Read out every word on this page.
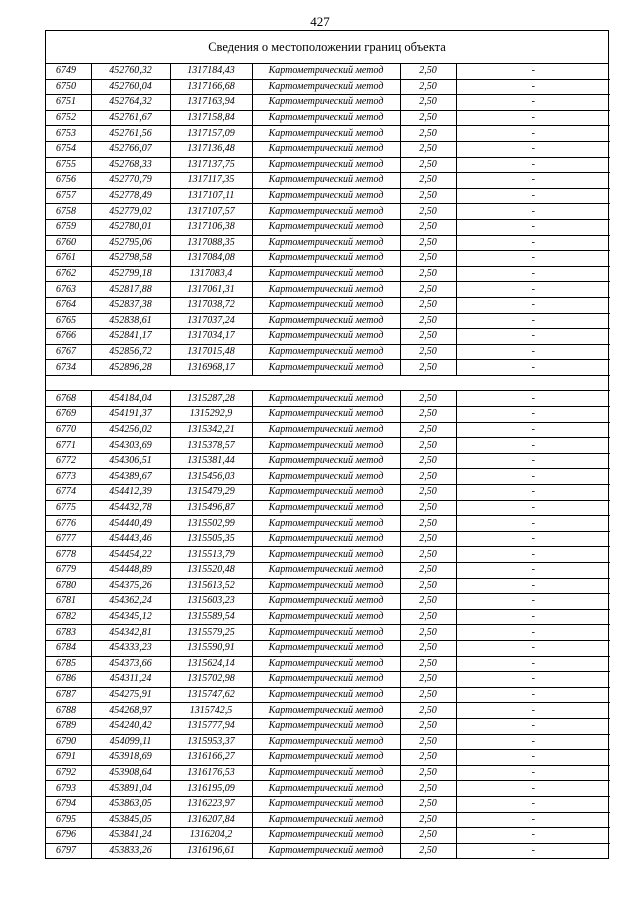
427
Сведения о местоположении границ объекта
6749	452760,32	1317184,43	Картометрический метод	2,50	-
6750	452760,04	1317166,68	Картометрический метод	2,50	-
6751	452764,32	1317163,94	Картометрический метод	2,50	-
6752	452761,67	1317158,84	Картометрический метод	2,50	-
6753	452761,56	1317157,09	Картометрический метод	2,50	-
6754	452766,07	1317136,48	Картометрический метод	2,50	-
6755	452768,33	1317137,75	Картометрический метод	2,50	-
6756	452770,79	1317117,35	Картометрический метод	2,50	-
6757	452778,49	1317107,11	Картометрический метод	2,50	-
6758	452779,02	1317107,57	Картометрический метод	2,50	-
6759	452780,01	1317106,38	Картометрический метод	2,50	-
6760	452795,06	1317088,35	Картометрический метод	2,50	-
6761	452798,58	1317084,08	Картометрический метод	2,50	-
6762	452799,18	1317083,4	Картометрический метод	2,50	-
6763	452817,88	1317061,31	Картометрический метод	2,50	-
6764	452837,38	1317038,72	Картометрический метод	2,50	-
6765	452838,61	1317037,24	Картометрический метод	2,50	-
6766	452841,17	1317034,17	Картометрический метод	2,50	-
6767	452856,72	1317015,48	Картометрический метод	2,50	-
6734	452896,28	1316968,17	Картометрический метод	2,50	-

6768	454184,04	1315287,28	Картометрический метод	2,50	-
6769	454191,37	1315292,9	Картометрический метод	2,50	-
6770	454256,02	1315342,21	Картометрический метод	2,50	-
6771	454303,69	1315378,57	Картометрический метод	2,50	-
6772	454306,51	1315381,44	Картометрический метод	2,50	-
6773	454389,67	1315456,03	Картометрический метод	2,50	-
6774	454412,39	1315479,29	Картометрический метод	2,50	-
6775	454432,78	1315496,87	Картометрический метод	2,50	-
6776	454440,49	1315502,99	Картометрический метод	2,50	-
6777	454443,46	1315505,35	Картометрический метод	2,50	-
6778	454454,22	1315513,79	Картометрический метод	2,50	-
6779	454448,89	1315520,48	Картометрический метод	2,50	-
6780	454375,26	1315613,52	Картометрический метод	2,50	-
6781	454362,24	1315603,23	Картометрический метод	2,50	-
6782	454345,12	1315589,54	Картометрический метод	2,50	-
6783	454342,81	1315579,25	Картометрический метод	2,50	-
6784	454333,23	1315590,91	Картометрический метод	2,50	-
6785	454373,66	1315624,14	Картометрический метод	2,50	-
6786	454311,24	1315702,98	Картометрический метод	2,50	-
6787	454275,91	1315747,62	Картометрический метод	2,50	-
6788	454268,97	1315742,5	Картометрический метод	2,50	-
6789	454240,42	1315777,94	Картометрический метод	2,50	-
6790	454099,11	1315953,37	Картометрический метод	2,50	-
6791	453918,69	1316166,27	Картометрический метод	2,50	-
6792	453908,64	1316176,53	Картометрический метод	2,50	-
6793	453891,04	1316195,09	Картометрический метод	2,50	-
6794	453863,05	1316223,97	Картометрический метод	2,50	-
6795	453845,05	1316207,84	Картометрический метод	2,50	-
6796	453841,24	1316204,2	Картометрический метод	2,50	-
6797	453833,26	1316196,61	Картометрический метод	2,50	-
